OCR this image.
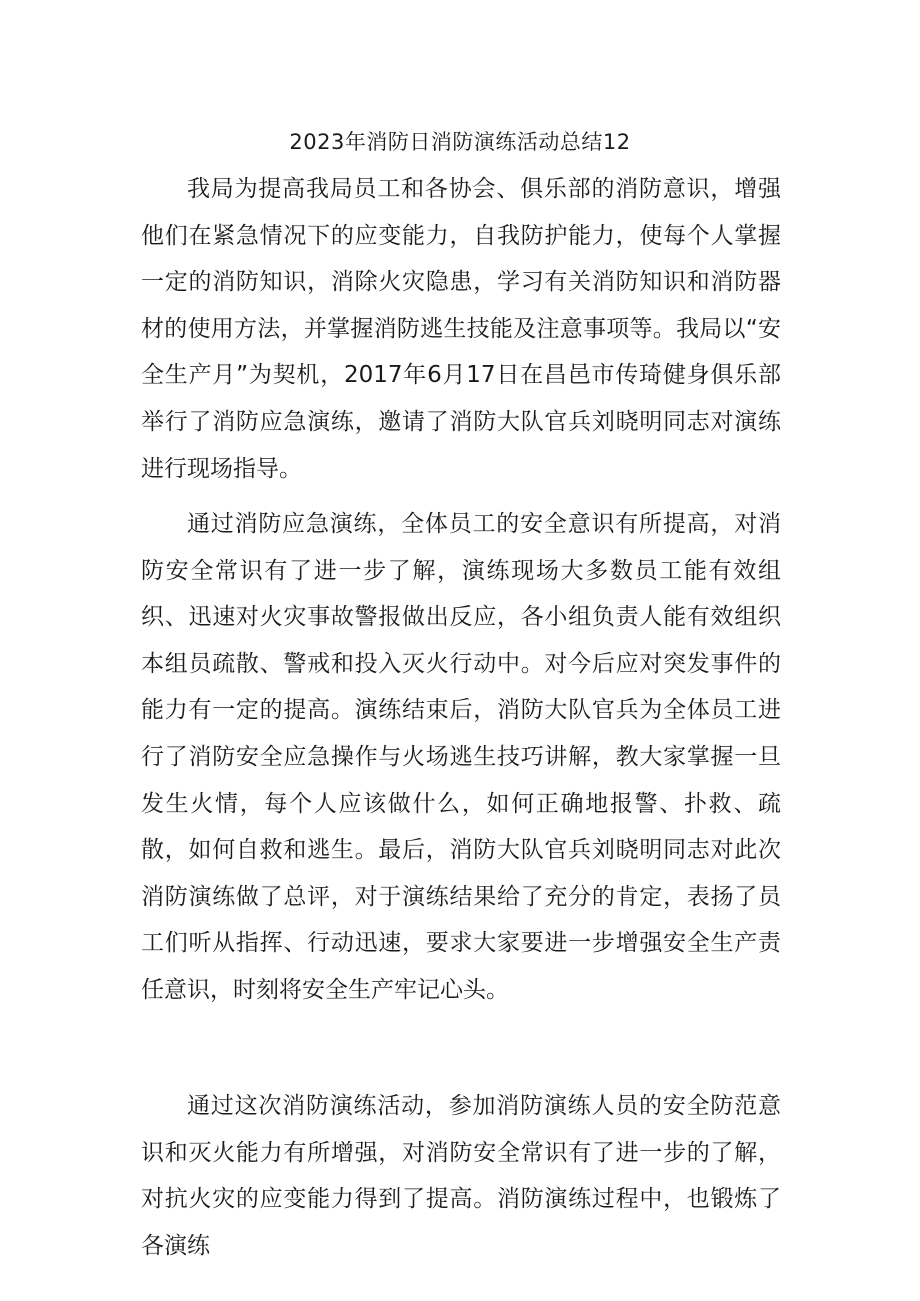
2023年消防日消防演练活动总结12

我局为提高我局员工和各协会、俱乐部的消防意识，增强他们在紧急情况下的应变能力，自我防护能力，使每个人掌握一定的消防知识，消除火灾隐患，学习有关消防知识和消防器材的使用方法，并掌握消防逃生技能及注意事项等。我局以“安全生产月”为契机，2017年6月17日在昌邑市传琦健身俱乐部举行了消防应急演练，邀请了消防大队官兵刘晓明同志对演练进行现场指导。

通过消防应急演练，全体员工的安全意识有所提高，对消防安全常识有了进一步了解，演练现场大多数员工能有效组织、迅速对火灾事故警报做出反应，各小组负责人能有效组织本组员疏散、警戒和投入灭火行动中。对今后应对突发事件的能力有一定的提高。演练结束后，消防大队官兵为全体员工进行了消防安全应急操作与火场逃生技巧讲解，教大家掌握一旦发生火情，每个人应该做什么，如何正确地报警、扑救、疏散，如何自救和逃生。最后，消防大队官兵刘晓明同志对此次消防演练做了总评，对于演练结果给了充分的肯定，表扬了员工们听从指挥、行动迅速，要求大家要进一步增强安全生产责任意识，时刻将安全生产牢记心头。

通过这次消防演练活动，参加消防演练人员的安全防范意识和灭火能力有所增强，对消防安全常识有了进一步的了解，对抗火灾的应变能力得到了提高。消防演练过程中，也锻炼了各演练
